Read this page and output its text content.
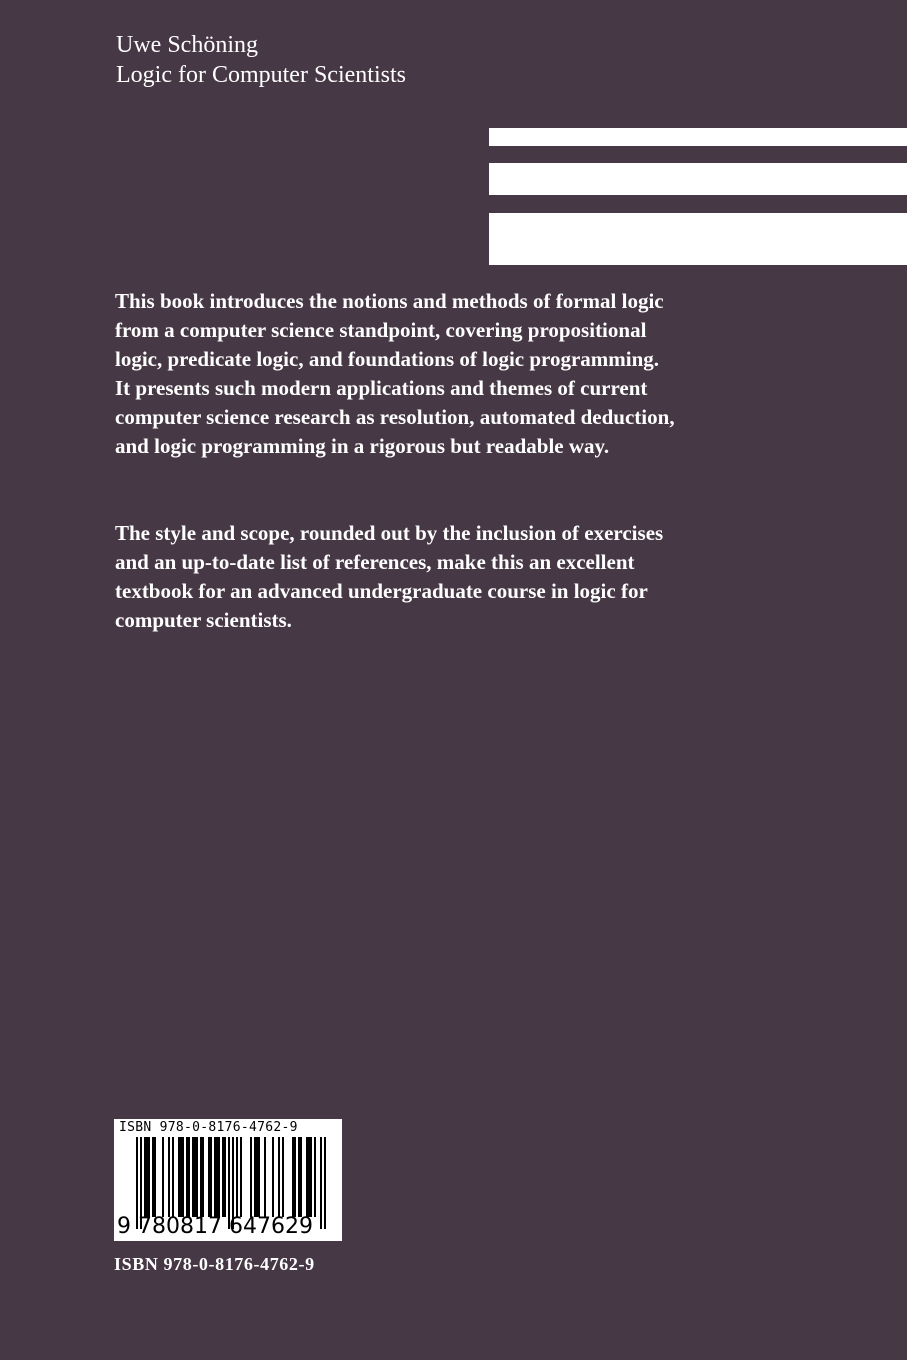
Uwe Schöning
Logic for Computer Scientists

This book introduces the notions and methods of formal logic from a computer science standpoint, covering propositional logic, predicate logic, and foundations of logic programming. It presents such modern applications and themes of current computer science research as resolution, automated deduction, and logic programming in a rigorous but readable way.

The style and scope, rounded out by the inclusion of exercises and an up-to-date list of references, make this an excellent textbook for an advanced undergraduate course in logic for computer scientists.

ISBN 978-0-8176-4762-9
9 780817 647629
ISBN 978-0-8176-4762-9
